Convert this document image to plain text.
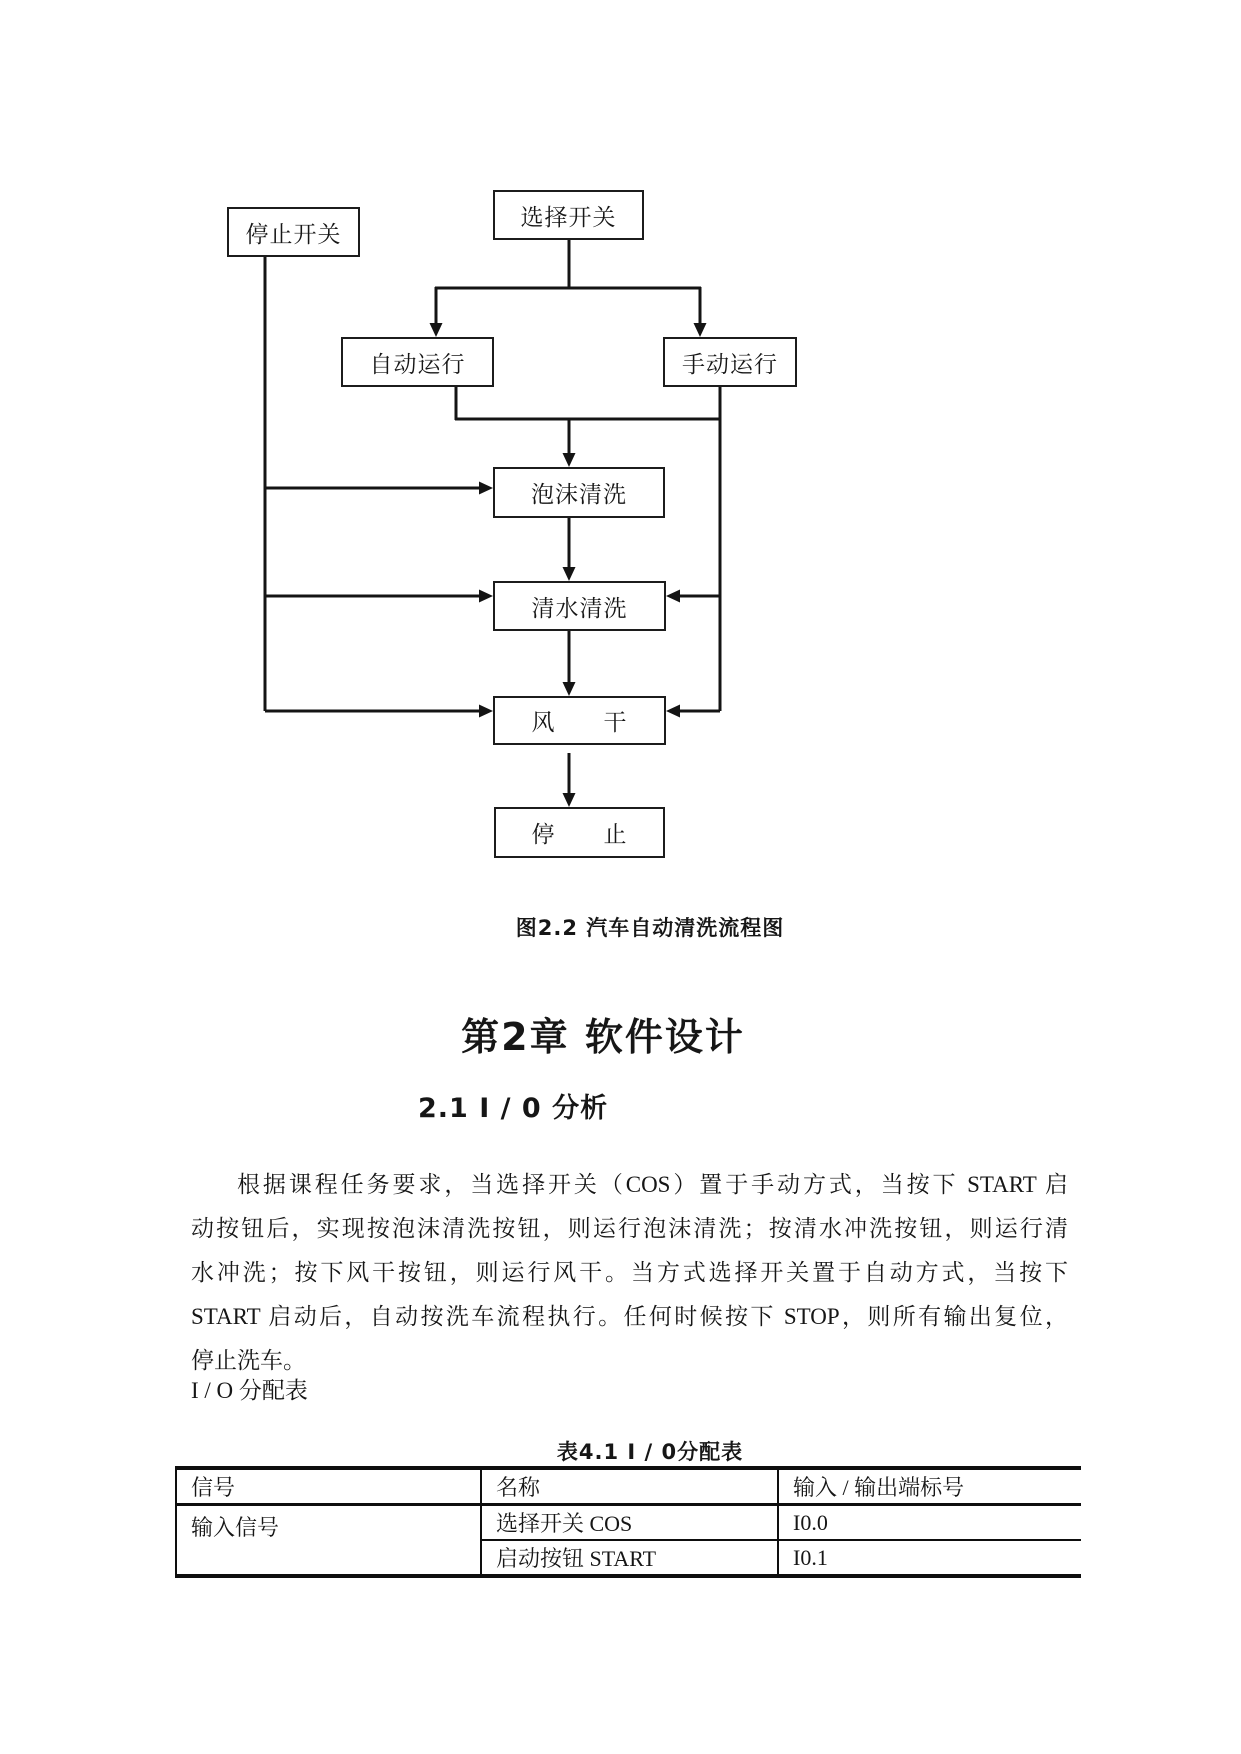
停止开关
选择开关
自动运行	手动运行
泡沫清洗
清水清洗
风　　干
停　　止
图2.2 汽车自动清洗流程图
第2章 软件设计
2.1 I / 0 分析
根据课程任务要求，当选择开关（COS）置于手动方式，当按下 START 启
动按钮后，实现按泡沫清洗按钮，则运行泡沫清洗；按清水冲洗按钮，则运行清
水冲洗；按下风干按钮，则运行风干。当方式选择开关置于自动方式，当按下
START 启动后，自动按洗车流程执行。任何时候按下 STOP，则所有输出复位，
停止洗车。
I / O 分配表
表4.1 I / 0分配表
信号	名称	输入 / 输出端标号
输入信号	选择开关 COS	I0.0
	启动按钮 START	I0.1
